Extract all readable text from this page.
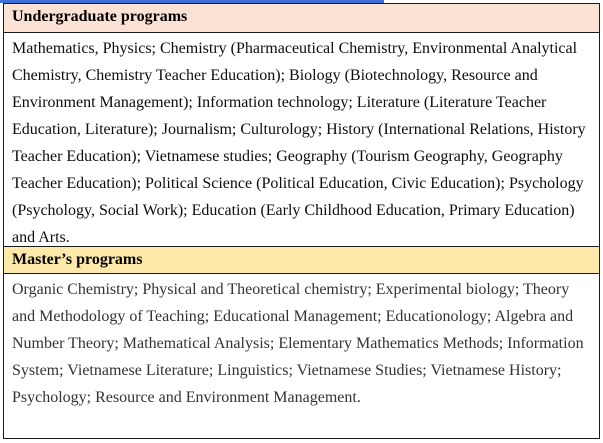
Undergraduate programs
Mathematics, Physics; Chemistry (Pharmaceutical Chemistry, Environmental Analytical Chemistry, Chemistry Teacher Education); Biology (Biotechnology, Resource and Environment Management); Information technology; Literature (Literature Teacher Education, Literature); Journalism; Culturology; History (International Relations, History Teacher Education); Vietnamese studies; Geography (Tourism Geography, Geography Teacher Education); Political Science (Political Education, Civic Education); Psychology (Psychology, Social Work); Education (Early Childhood Education, Primary Education) and Arts.
Master’s programs
Organic Chemistry; Physical and Theoretical chemistry; Experimental biology; Theory and Methodology of Teaching; Educational Management; Educationology; Algebra and Number Theory; Mathematical Analysis; Elementary Mathematics Methods; Information System; Vietnamese Literature; Linguistics; Vietnamese Studies; Vietnamese History; Psychology; Resource and Environment Management.
